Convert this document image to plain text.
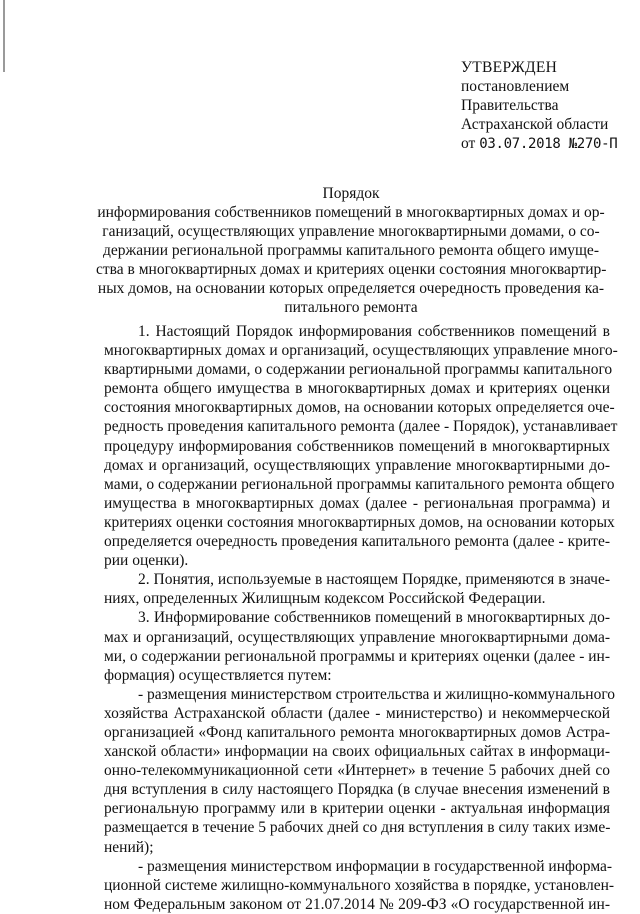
УТВЕРЖДЕН
постановлением
Правительства
Астраханской области
от 03.07.2018 №270-П
Порядок
информирования собственников помещений в многоквартирных домах и ор-
ганизаций, осуществляющих управление многоквартирными домами, о со-
держании региональной программы капитального ремонта общего имуще-
ства в многоквартирных домах и критериях оценки состояния многоквартир-
ных домов, на основании которых определяется очередность проведения ка-
питального ремонта

1. Настоящий Порядок информирования собственников помещений в
многоквартирных домах и организаций, осуществляющих управление много-
квартирными домами, о содержании региональной программы капитального
ремонта общего имущества в многоквартирных домах и критериях оценки
состояния многоквартирных домов, на основании которых определяется оче-
редность проведения капитального ремонта (далее - Порядок), устанавливает
процедуру информирования собственников помещений в многоквартирных
домах и организаций, осуществляющих управление многоквартирными до-
мами, о содержании региональной программы капитального ремонта общего
имущества в многоквартирных домах (далее - региональная программа) и
критериях оценки состояния многоквартирных домов, на основании которых
определяется очередность проведения капитального ремонта (далее - крите-
рии оценки).

2. Понятия, используемые в настоящем Порядке, применяются в значе-
ниях, определенных Жилищным кодексом Российской Федерации.

3. Информирование собственников помещений в многоквартирных до-
мах и организаций, осуществляющих управление многоквартирными дома-
ми, о содержании региональной программы и критериях оценки (далее - ин-
формация) осуществляется путем:

- размещения министерством строительства и жилищно-коммунального
хозяйства Астраханской области (далее - министерство) и некоммерческой
организацией «Фонд капитального ремонта многоквартирных домов Астра-
ханской области» информации на своих официальных сайтах в информаци-
онно-телекоммуникационной сети «Интернет» в течение 5 рабочих дней со
дня вступления в силу настоящего Порядка (в случае внесения изменений в
региональную программу или в критерии оценки - актуальная информация
размещается в течение 5 рабочих дней со дня вступления в силу таких изме-
нений);

- размещения министерством информации в государственной информа-
ционной системе жилищно-коммунального хозяйства в порядке, установлен-
ном Федеральным законом от 21.07.2014 № 209-ФЗ «О государственной ин-
